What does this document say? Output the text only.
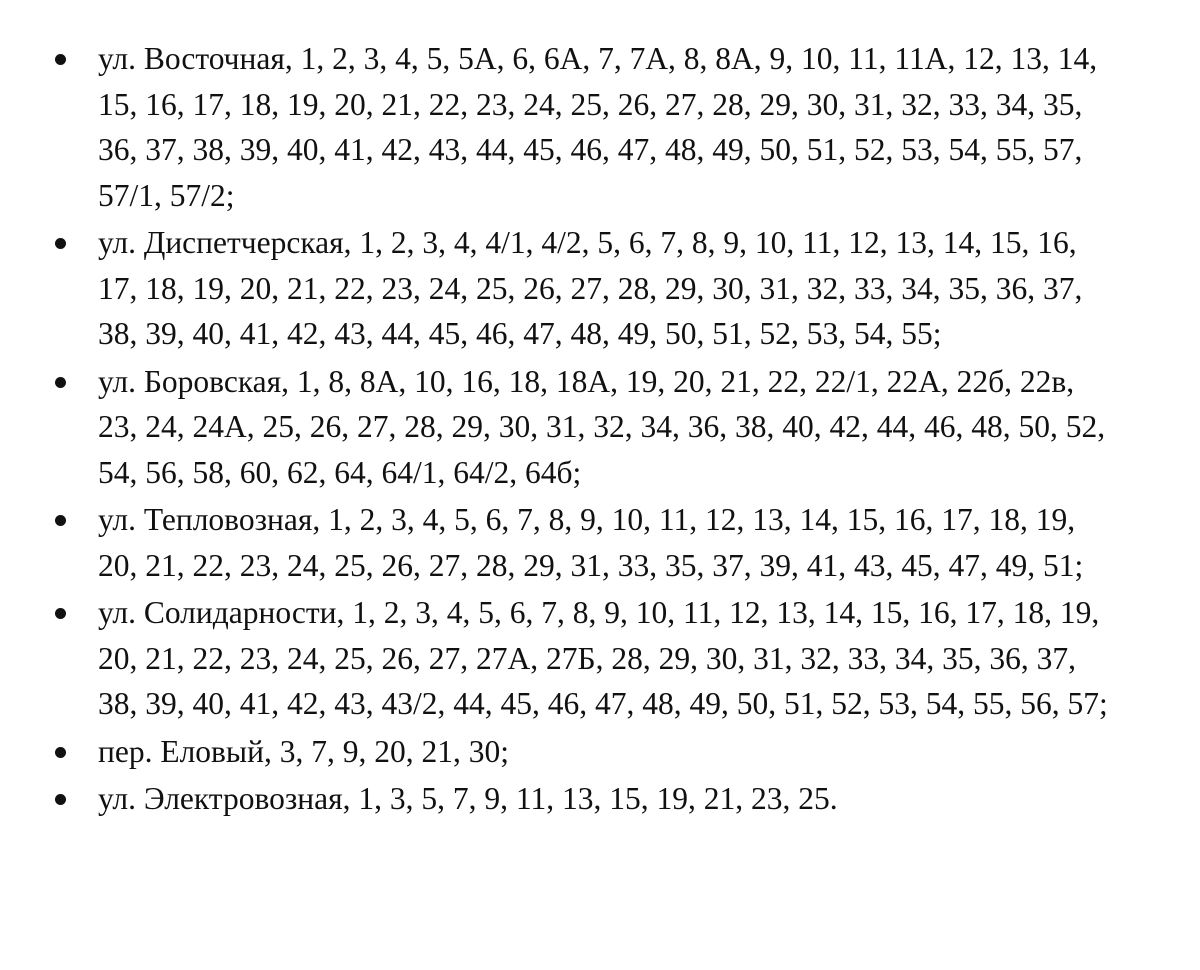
ул. Восточная, 1, 2, 3, 4, 5, 5А, 6, 6А, 7, 7А, 8, 8А, 9, 10, 11, 11А, 12, 13, 14, 15, 16, 17, 18, 19, 20, 21, 22, 23, 24, 25, 26, 27, 28, 29, 30, 31, 32, 33, 34, 35, 36, 37, 38, 39, 40, 41, 42, 43, 44, 45, 46, 47, 48, 49, 50, 51, 52, 53, 54, 55, 57, 57/1, 57/2;
ул. Диспетчерская, 1, 2, 3, 4, 4/1, 4/2, 5, 6, 7, 8, 9, 10, 11, 12, 13, 14, 15, 16, 17, 18, 19, 20, 21, 22, 23, 24, 25, 26, 27, 28, 29, 30, 31, 32, 33, 34, 35, 36, 37, 38, 39, 40, 41, 42, 43, 44, 45, 46, 47, 48, 49, 50, 51, 52, 53, 54, 55;
ул. Боровская, 1, 8, 8А, 10, 16, 18, 18А, 19, 20, 21, 22, 22/1, 22А, 22б, 22в, 23, 24, 24А, 25, 26, 27, 28, 29, 30, 31, 32, 34, 36, 38, 40, 42, 44, 46, 48, 50, 52, 54, 56, 58, 60, 62, 64, 64/1, 64/2, 64б;
ул. Тепловозная, 1, 2, 3, 4, 5, 6, 7, 8, 9, 10, 11, 12, 13, 14, 15, 16, 17, 18, 19, 20, 21, 22, 23, 24, 25, 26, 27, 28, 29, 31, 33, 35, 37, 39, 41, 43, 45, 47, 49, 51;
ул. Солидарности, 1, 2, 3, 4, 5, 6, 7, 8, 9, 10, 11, 12, 13, 14, 15, 16, 17, 18, 19, 20, 21, 22, 23, 24, 25, 26, 27, 27А, 27Б, 28, 29, 30, 31, 32, 33, 34, 35, 36, 37, 38, 39, 40, 41, 42, 43, 43/2, 44, 45, 46, 47, 48, 49, 50, 51, 52, 53, 54, 55, 56, 57;
пер. Еловый, 3, 7, 9, 20, 21, 30;
ул. Электровозная, 1, 3, 5, 7, 9, 11, 13, 15, 19, 21, 23, 25.
